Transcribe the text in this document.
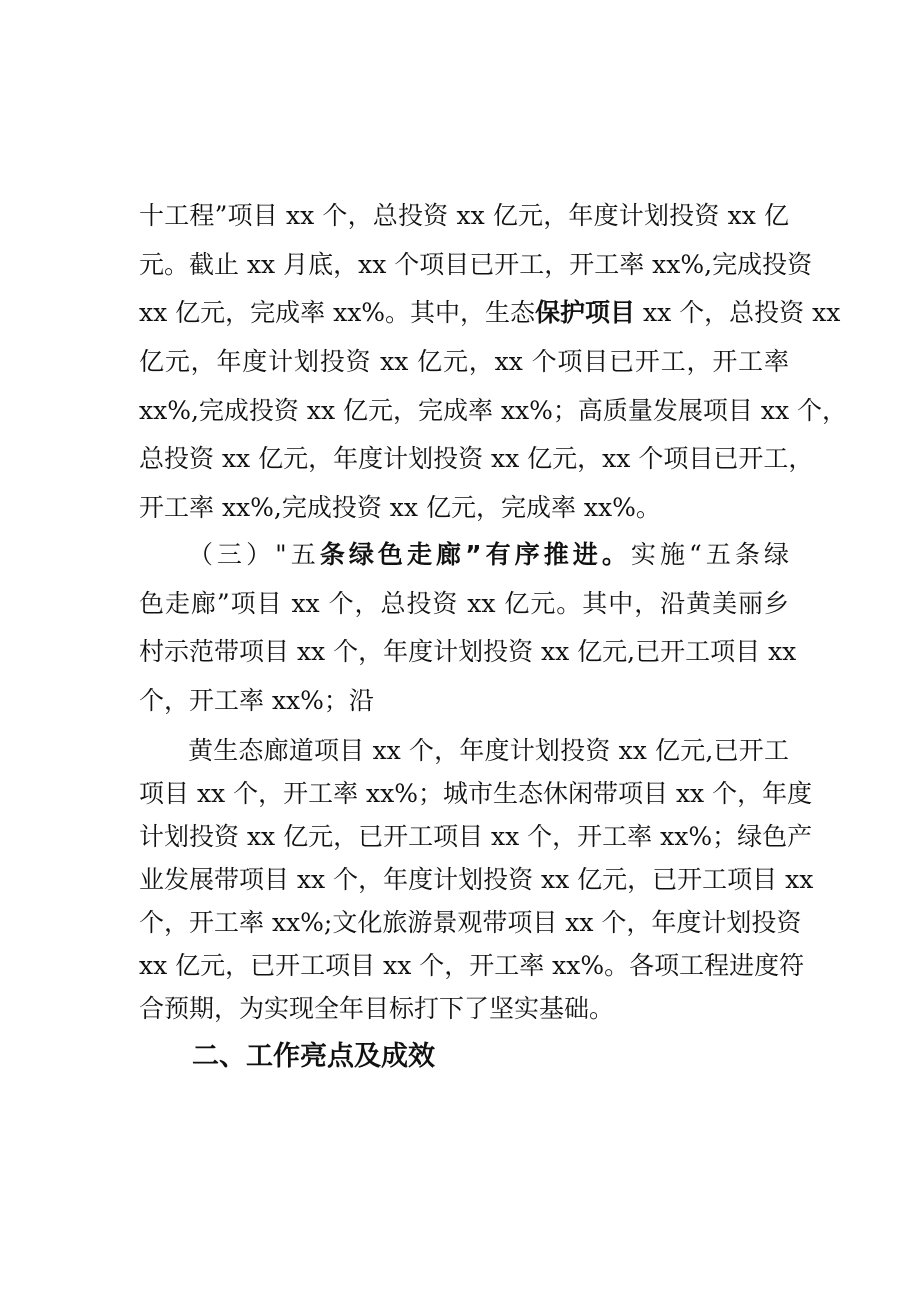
十工程”项目 xx 个，总投资 xx 亿元，年度计划投资 xx 亿
元。截止 xx 月底，xx 个项目已开工，开工率 xx%,完成投资
xx 亿元，完成率 xx%。其中，生态保护项目 xx 个，总投资 xx
亿元，年度计划投资 xx 亿元，xx 个项目已开工，开工率
xx%,完成投资 xx 亿元，完成率 xx%；高质量发展项目 xx 个，
总投资 xx 亿元，年度计划投资 xx 亿元，xx 个项目已开工，
开工率 xx%,完成投资 xx 亿元，完成率 xx%。
（三）"五条绿色走廊”有序推进。实施“五条绿
色走廊”项目 xx 个，总投资 xx 亿元。其中，沿黄美丽乡
村示范带项目 xx 个，年度计划投资 xx 亿元,已开工项目 xx
个，开工率 xx%；沿
黄生态廊道项目 xx 个，年度计划投资 xx 亿元,已开工
项目 xx 个，开工率 xx%；城市生态休闲带项目 xx 个，年度
计划投资 xx 亿元，已开工项目 xx 个，开工率 xx%；绿色产
业发展带项目 xx 个，年度计划投资 xx 亿元，已开工项目 xx
个，开工率 xx%;文化旅游景观带项目 xx 个，年度计划投资
xx 亿元，已开工项目 xx 个，开工率 xx%。各项工程进度符
合预期，为实现全年目标打下了坚实基础。
二、工作亮点及成效
